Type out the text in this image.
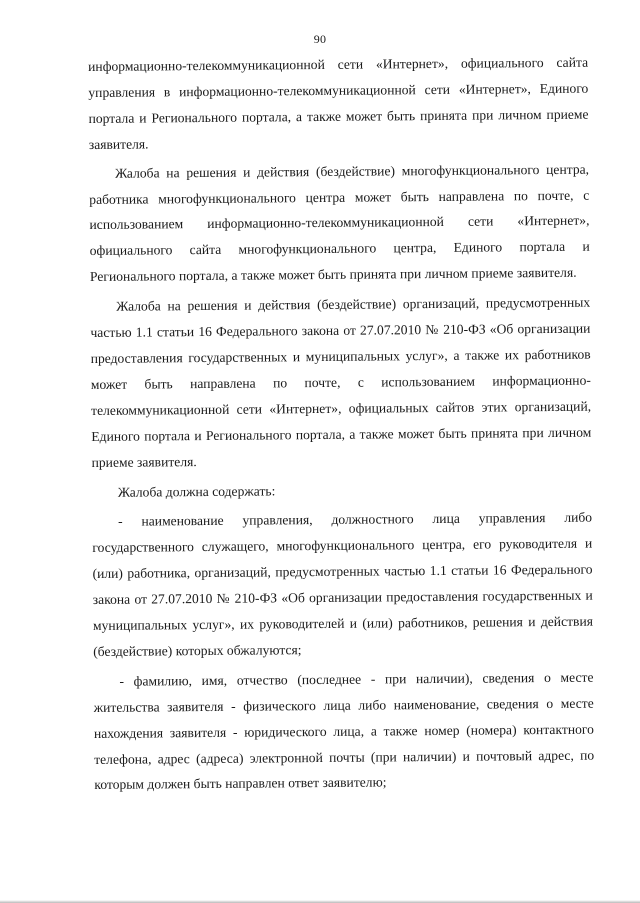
90

информационно-телекоммуникационной сети «Интернет», официального сайта управления в информационно-телекоммуникационной сети «Интернет», Единого портала и Регионального портала, а также может быть принята при личном приеме заявителя.

Жалоба на решения и действия (бездействие) многофункционального центра, работника многофункционального центра может быть направлена по почте, с использованием информационно-телекоммуникационной сети «Интернет», официального сайта многофункционального центра, Единого портала и Регионального портала, а также может быть принята при личном приеме заявителя.

Жалоба на решения и действия (бездействие) организаций, предусмотренных частью 1.1 статьи 16 Федерального закона от 27.07.2010 № 210-ФЗ «Об организации предоставления государственных и муниципальных услуг», а также их работников может быть направлена по почте, с использованием информационно-телекоммуникационной сети «Интернет», официальных сайтов этих организаций, Единого портала и Регионального портала, а также может быть принята при личном приеме заявителя.

Жалоба должна содержать:

- наименование управления, должностного лица управления либо государственного служащего, многофункционального центра, его руководителя и (или) работника, организаций, предусмотренных частью 1.1 статьи 16 Федерального закона от 27.07.2010 № 210-ФЗ «Об организации предоставления государственных и муниципальных услуг», их руководителей и (или) работников, решения и действия (бездействие) которых обжалуются;

- фамилию, имя, отчество (последнее - при наличии), сведения о месте жительства заявителя - физического лица либо наименование, сведения о месте нахождения заявителя - юридического лица, а также номер (номера) контактного телефона, адрес (адреса) электронной почты (при наличии) и почтовый адрес, по которым должен быть направлен ответ заявителю;
